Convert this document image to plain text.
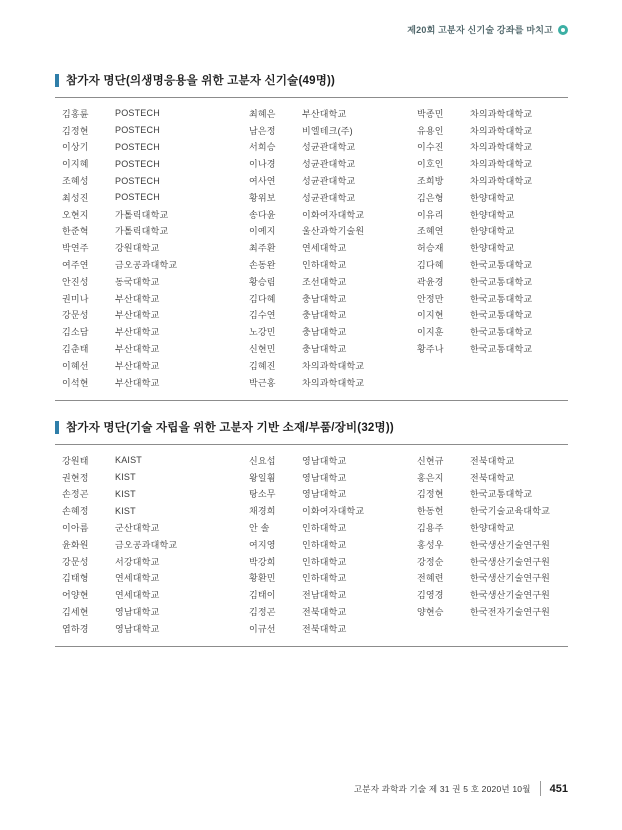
제20회 고분자 신기술 강좌를 마치고
참가자 명단(의생명응용을 위한 고분자 신기술(49명))
김홍륜	POSTECH
김정현	POSTECH
이상기	POSTECH
이지혜	POSTECH
조혜성	POSTECH
최성진	POSTECH
오현지	가톨릭대학교
한준혁	가톨릭대학교
박연주	강원대학교
여주연	금오공과대학교
안진성	동국대학교
권미나	부산대학교
강문성	부산대학교
김소담	부산대학교
김춘태	부산대학교
이혜선	부산대학교
이석현	부산대학교
최혜은	부산대학교
남은정	비엘테크(주)
서희승	성균관대학교
이나경	성균관대학교
여사연	성균관대학교
황위보	성균관대학교
송다윤	이화여자대학교
이예지	울산과학기술원
최주환	연세대학교
손동완	인하대학교
황승림	조선대학교
김다혜	충남대학교
김수연	충남대학교
노강민	충남대학교
신현민	충남대학교
김혜진	차의과학대학교
박근홍	차의과학대학교
박종민	차의과학대학교
유용인	차의과학대학교
이수진	차의과학대학교
이호인	차의과학대학교
조희방	차의과학대학교
김은형	한양대학교
이유리	한양대학교
조혜연	한양대학교
허승재	한양대학교
김다혜	한국교통대학교
곽윤경	한국교통대학교
안정만	한국교통대학교
이지현	한국교통대학교
이지훈	한국교통대학교
황주나	한국교통대학교
참가자 명단(기술 자립을 위한 고분자 기반 소재/부품/장비(32명))
강원태	KAIST
권현정	KIST
손정곤	KIST
손혜정	KIST
이아름	군산대학교
윤화원	금오공과대학교
강문성	서강대학교
김태형	연세대학교
어양현	연세대학교
김세현	영남대학교
엽하경	영남대학교
신요섭	영남대학교
왕일훰	영남대학교
탕소무	영남대학교
채경희	이화여자대학교
안 솔	인하대학교
여지영	인하대학교
박강희	인하대학교
황환민	인하대학교
김태이	전남대학교
김정곤	전북대학교
이규선	전북대학교
신현규	전북대학교
홍은지	전북대학교
김정현	한국교통대학교
한동헌	한국기술교육대학교
김용주	한양대학교
홍성우	한국생산기술연구원
강정순	한국생산기술연구원
전혜련	한국생산기술연구원
김영경	한국생산기술연구원
양현승	한국전자기술연구원
고분자 과학과 기술 제 31 권 5 호 2020년 10월 451
